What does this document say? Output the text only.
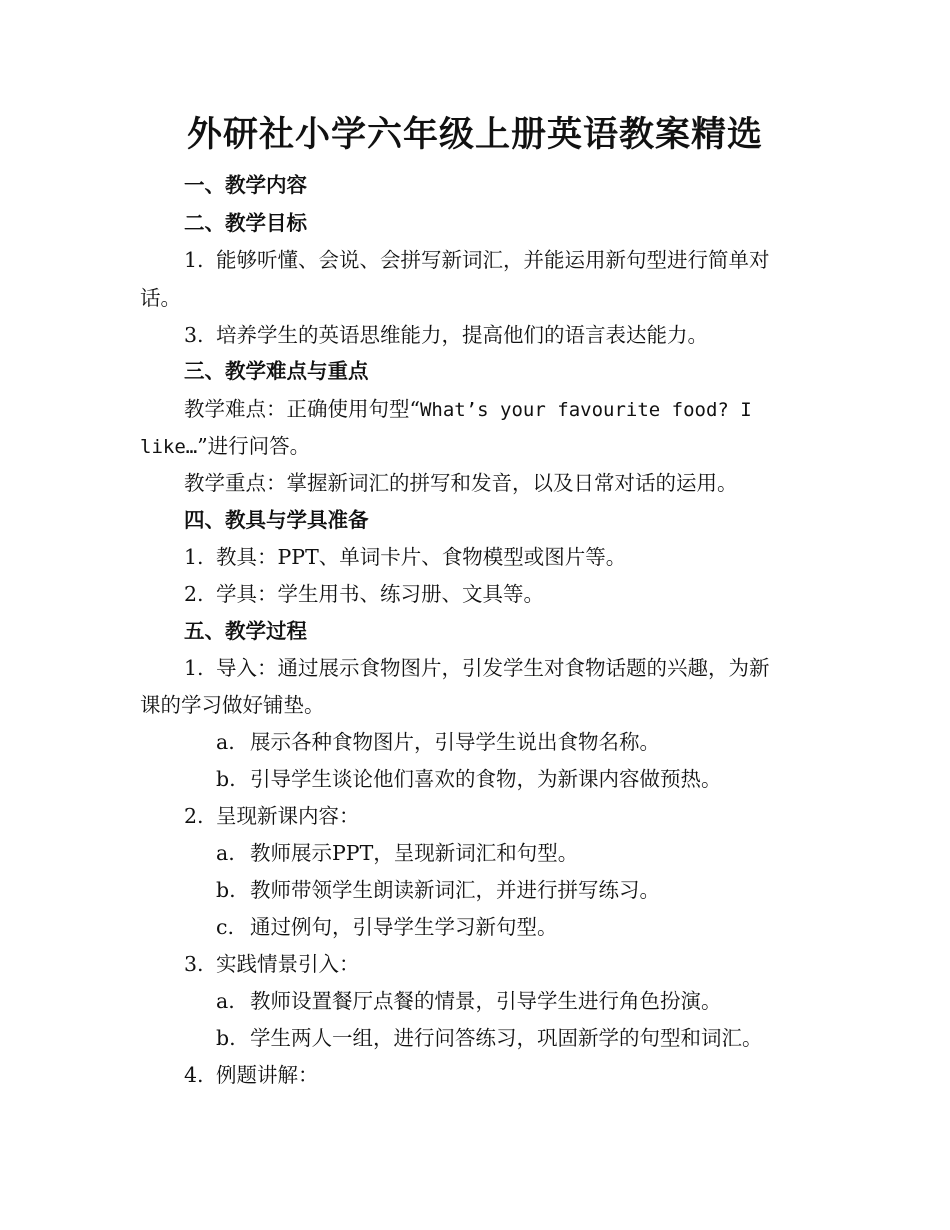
外研社小学六年级上册英语教案精选

一、教学内容

二、教学目标

1. 能够听懂、会说、会拼写新词汇，并能运用新句型进行简单对

话。

3. 培养学生的英语思维能力，提高他们的语言表达能力。

三、教学难点与重点

教学难点：正确使用句型“What’s your favourite food? I

like…”进行问答。

教学重点：掌握新词汇的拼写和发音，以及日常对话的运用。

四、教具与学具准备

1. 教具：PPT、单词卡片、食物模型或图片等。

2. 学具：学生用书、练习册、文具等。

五、教学过程

1. 导入：通过展示食物图片，引发学生对食物话题的兴趣，为新

课的学习做好铺垫。

a. 展示各种食物图片，引导学生说出食物名称。

b. 引导学生谈论他们喜欢的食物，为新课内容做预热。

2. 呈现新课内容：

a. 教师展示PPT，呈现新词汇和句型。

b. 教师带领学生朗读新词汇，并进行拼写练习。

c. 通过例句，引导学生学习新句型。

3. 实践情景引入：

a. 教师设置餐厅点餐的情景，引导学生进行角色扮演。

b. 学生两人一组，进行问答练习，巩固新学的句型和词汇。

4. 例题讲解：
